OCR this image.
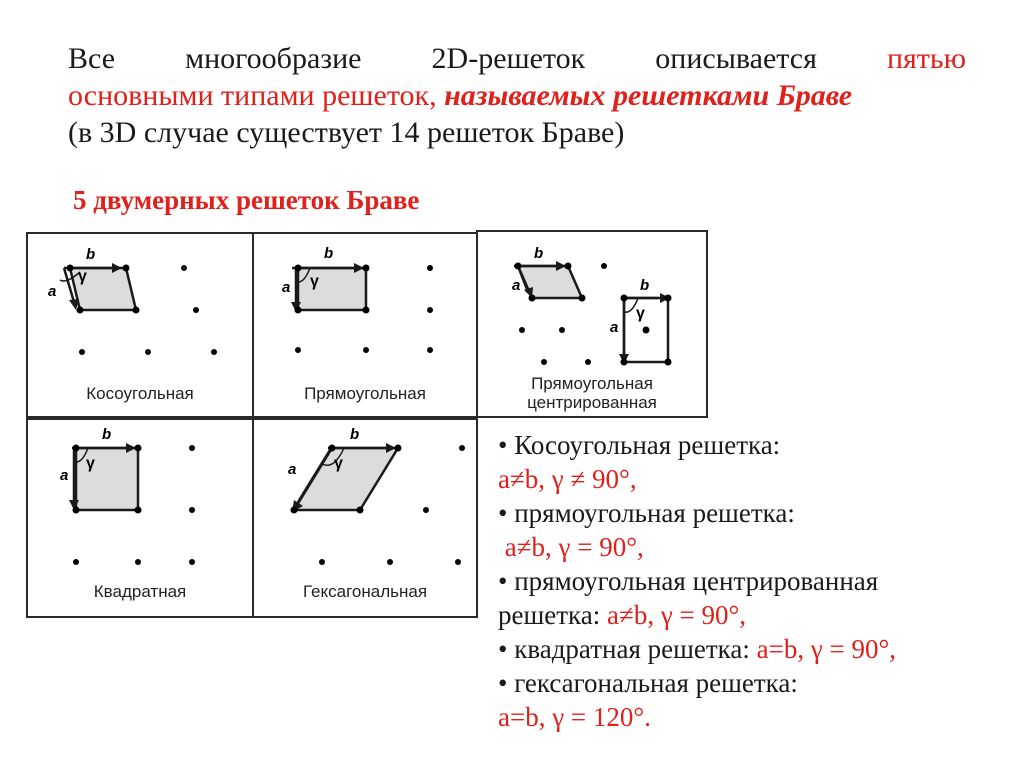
Все многообразие 2D-решеток описывается пятью
основными типами решеток, называемых решетками Браве
(в 3D случае существует 14 решеток Браве)
5 двумерных решеток Браве
γ
b
a
Косоугольная
γ
b
a
Прямоугольная
b
a
γ
b
a
Прямоугольная
центрированная
γ
b
a
Квадратная
γ
b
a
Гексагональная
• Косоугольная решетка:
a≠b, γ ≠ 90°,
• прямоугольная решетка:
a≠b, γ = 90°,
• прямоугольная центрированная
решетка: a≠b, γ = 90°,
• квадратная решетка: a=b, γ = 90°,
• гексагональная решетка:
a=b, γ = 120°.
